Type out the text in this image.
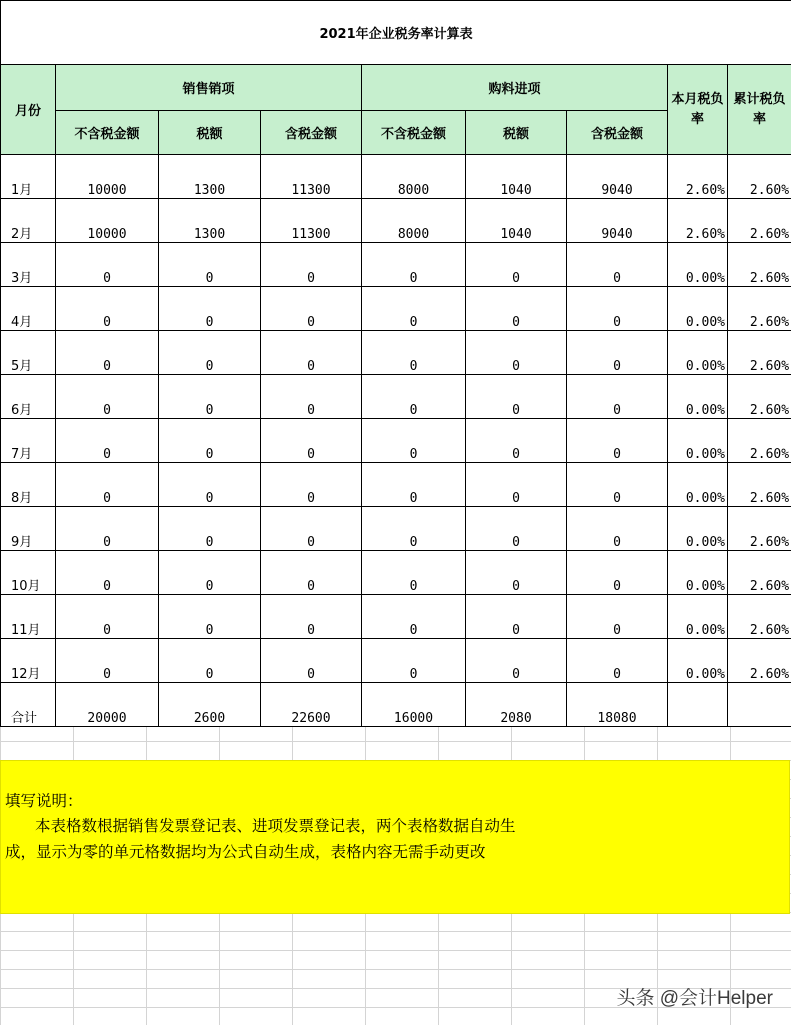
2021年企业税务率计算表								
月份	销售销项			购料进项			本月税负率	累计税负率
	不含税金额	税额	含税金额	不含税金额	税额	含税金额		
1月	10000	1300	11300	8000	1040	9040	2.60%	2.60%
2月	10000	1300	11300	8000	1040	9040	2.60%	2.60%
3月	0	0	0	0	0	0	0.00%	2.60%
4月	0	0	0	0	0	0	0.00%	2.60%
5月	0	0	0	0	0	0	0.00%	2.60%
6月	0	0	0	0	0	0	0.00%	2.60%
7月	0	0	0	0	0	0	0.00%	2.60%
8月	0	0	0	0	0	0	0.00%	2.60%
9月	0	0	0	0	0	0	0.00%	2.60%
10月	0	0	0	0	0	0	0.00%	2.60%
11月	0	0	0	0	0	0	0.00%	2.60%
12月	0	0	0	0	0	0	0.00%	2.60%
合计	20000	2600	22600	16000	2080	18080		
填写说明：
本表格数根据销售发票登记表、进项发票登记表，两个表格数据自动生成，显示为零的单元格数据均为公式自动生成，表格内容无需手动更改
头条 @会计Helper
